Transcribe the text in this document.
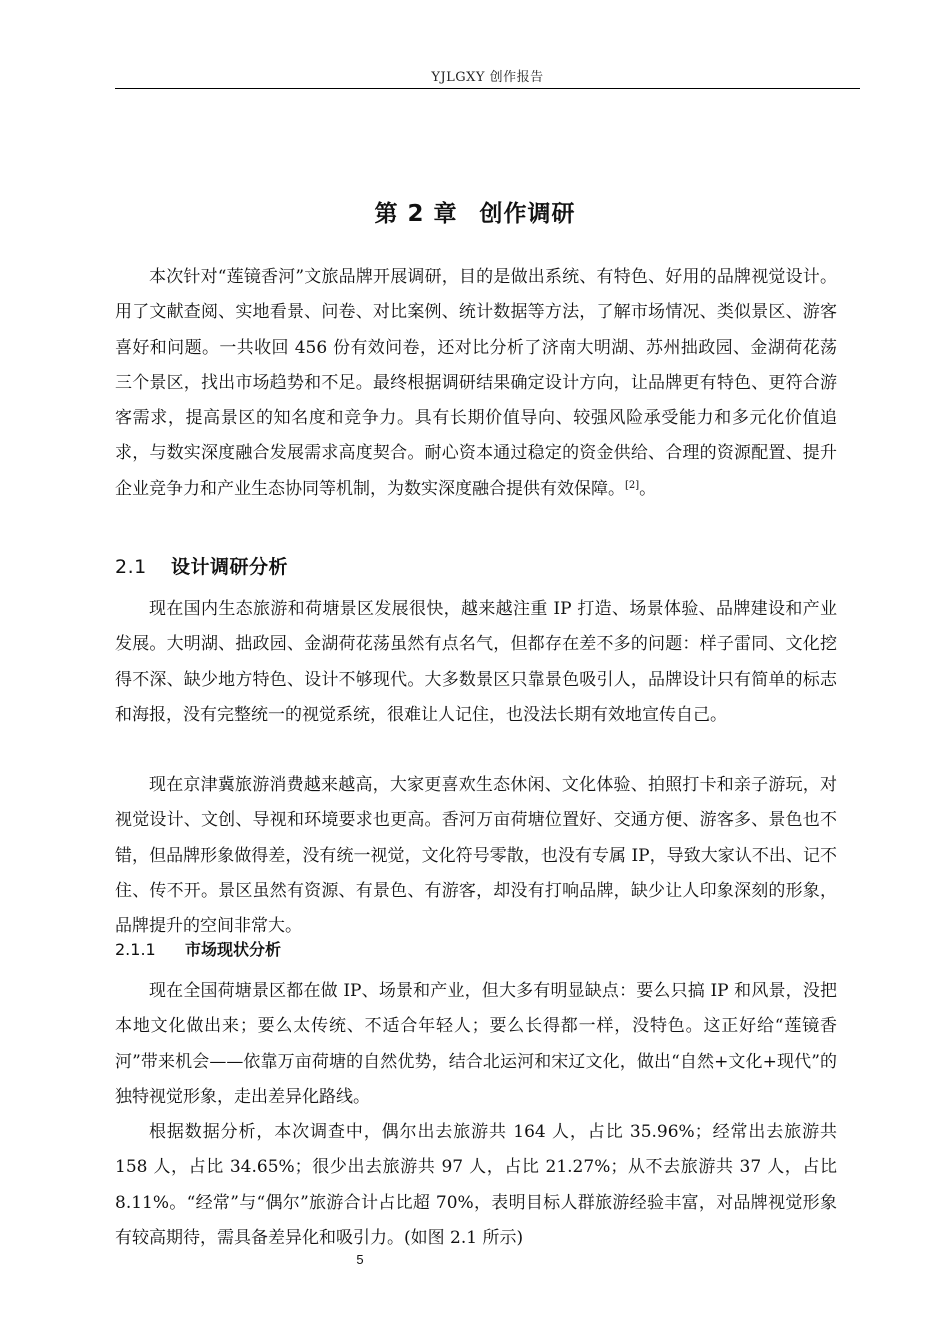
YJLGXY 创作报告
第 2 章 创作调研

本次针对“莲镜香河”文旅品牌开展调研，目的是做出系统、有特色、好用的品牌视觉设计。用了文献查阅、实地看景、问卷、对比案例、统计数据等方法，了解市场情况、类似景区、游客喜好和问题。一共收回 456 份有效问卷，还对比分析了济南大明湖、苏州拙政园、金湖荷花荡三个景区，找出市场趋势和不足。最终根据调研结果确定设计方向，让品牌更有特色、更符合游客需求，提高景区的知名度和竞争力。具有长期价值导向、较强风险承受能力和多元化价值追求，与数实深度融合发展需求高度契合。耐心资本通过稳定的资金供给、合理的资源配置、提升企业竞争力和产业生态协同等机制，为数实深度融合提供有效保障。[2]。

2.1 设计调研分析

现在国内生态旅游和荷塘景区发展很快，越来越注重 IP 打造、场景体验、品牌建设和产业发展。大明湖、拙政园、金湖荷花荡虽然有点名气，但都存在差不多的问题：样子雷同、文化挖得不深、缺少地方特色、设计不够现代。大多数景区只靠景色吸引人，品牌设计只有简单的标志和海报，没有完整统一的视觉系统，很难让人记住，也没法长期有效地宣传自己。

现在京津冀旅游消费越来越高，大家更喜欢生态休闲、文化体验、拍照打卡和亲子游玩，对视觉设计、文创、导视和环境要求也更高。香河万亩荷塘位置好、交通方便、游客多、景色也不错，但品牌形象做得差，没有统一视觉，文化符号零散，也没有专属 IP，导致大家认不出、记不住、传不开。景区虽然有资源、有景色、有游客，却没有打响品牌，缺少让人印象深刻的形象，品牌提升的空间非常大。

2.1.1 市场现状分析

现在全国荷塘景区都在做 IP、场景和产业，但大多有明显缺点：要么只搞 IP 和风景，没把本地文化做出来；要么太传统、不适合年轻人；要么长得都一样，没特色。这正好给“莲镜香河”带来机会——依靠万亩荷塘的自然优势，结合北运河和宋辽文化，做出“自然+文化+现代”的独特视觉形象，走出差异化路线。

根据数据分析，本次调查中，偶尔出去旅游共 164 人，占比 35.96%；经常出去旅游共 158 人，占比 34.65%；很少出去旅游共 97 人，占比 21.27%；从不去旅游共 37 人，占比 8.11%。“经常”与“偶尔”旅游合计占比超 70%，表明目标人群旅游经验丰富，对品牌视觉形象有较高期待，需具备差异化和吸引力。(如图 2.1 所示)

5
